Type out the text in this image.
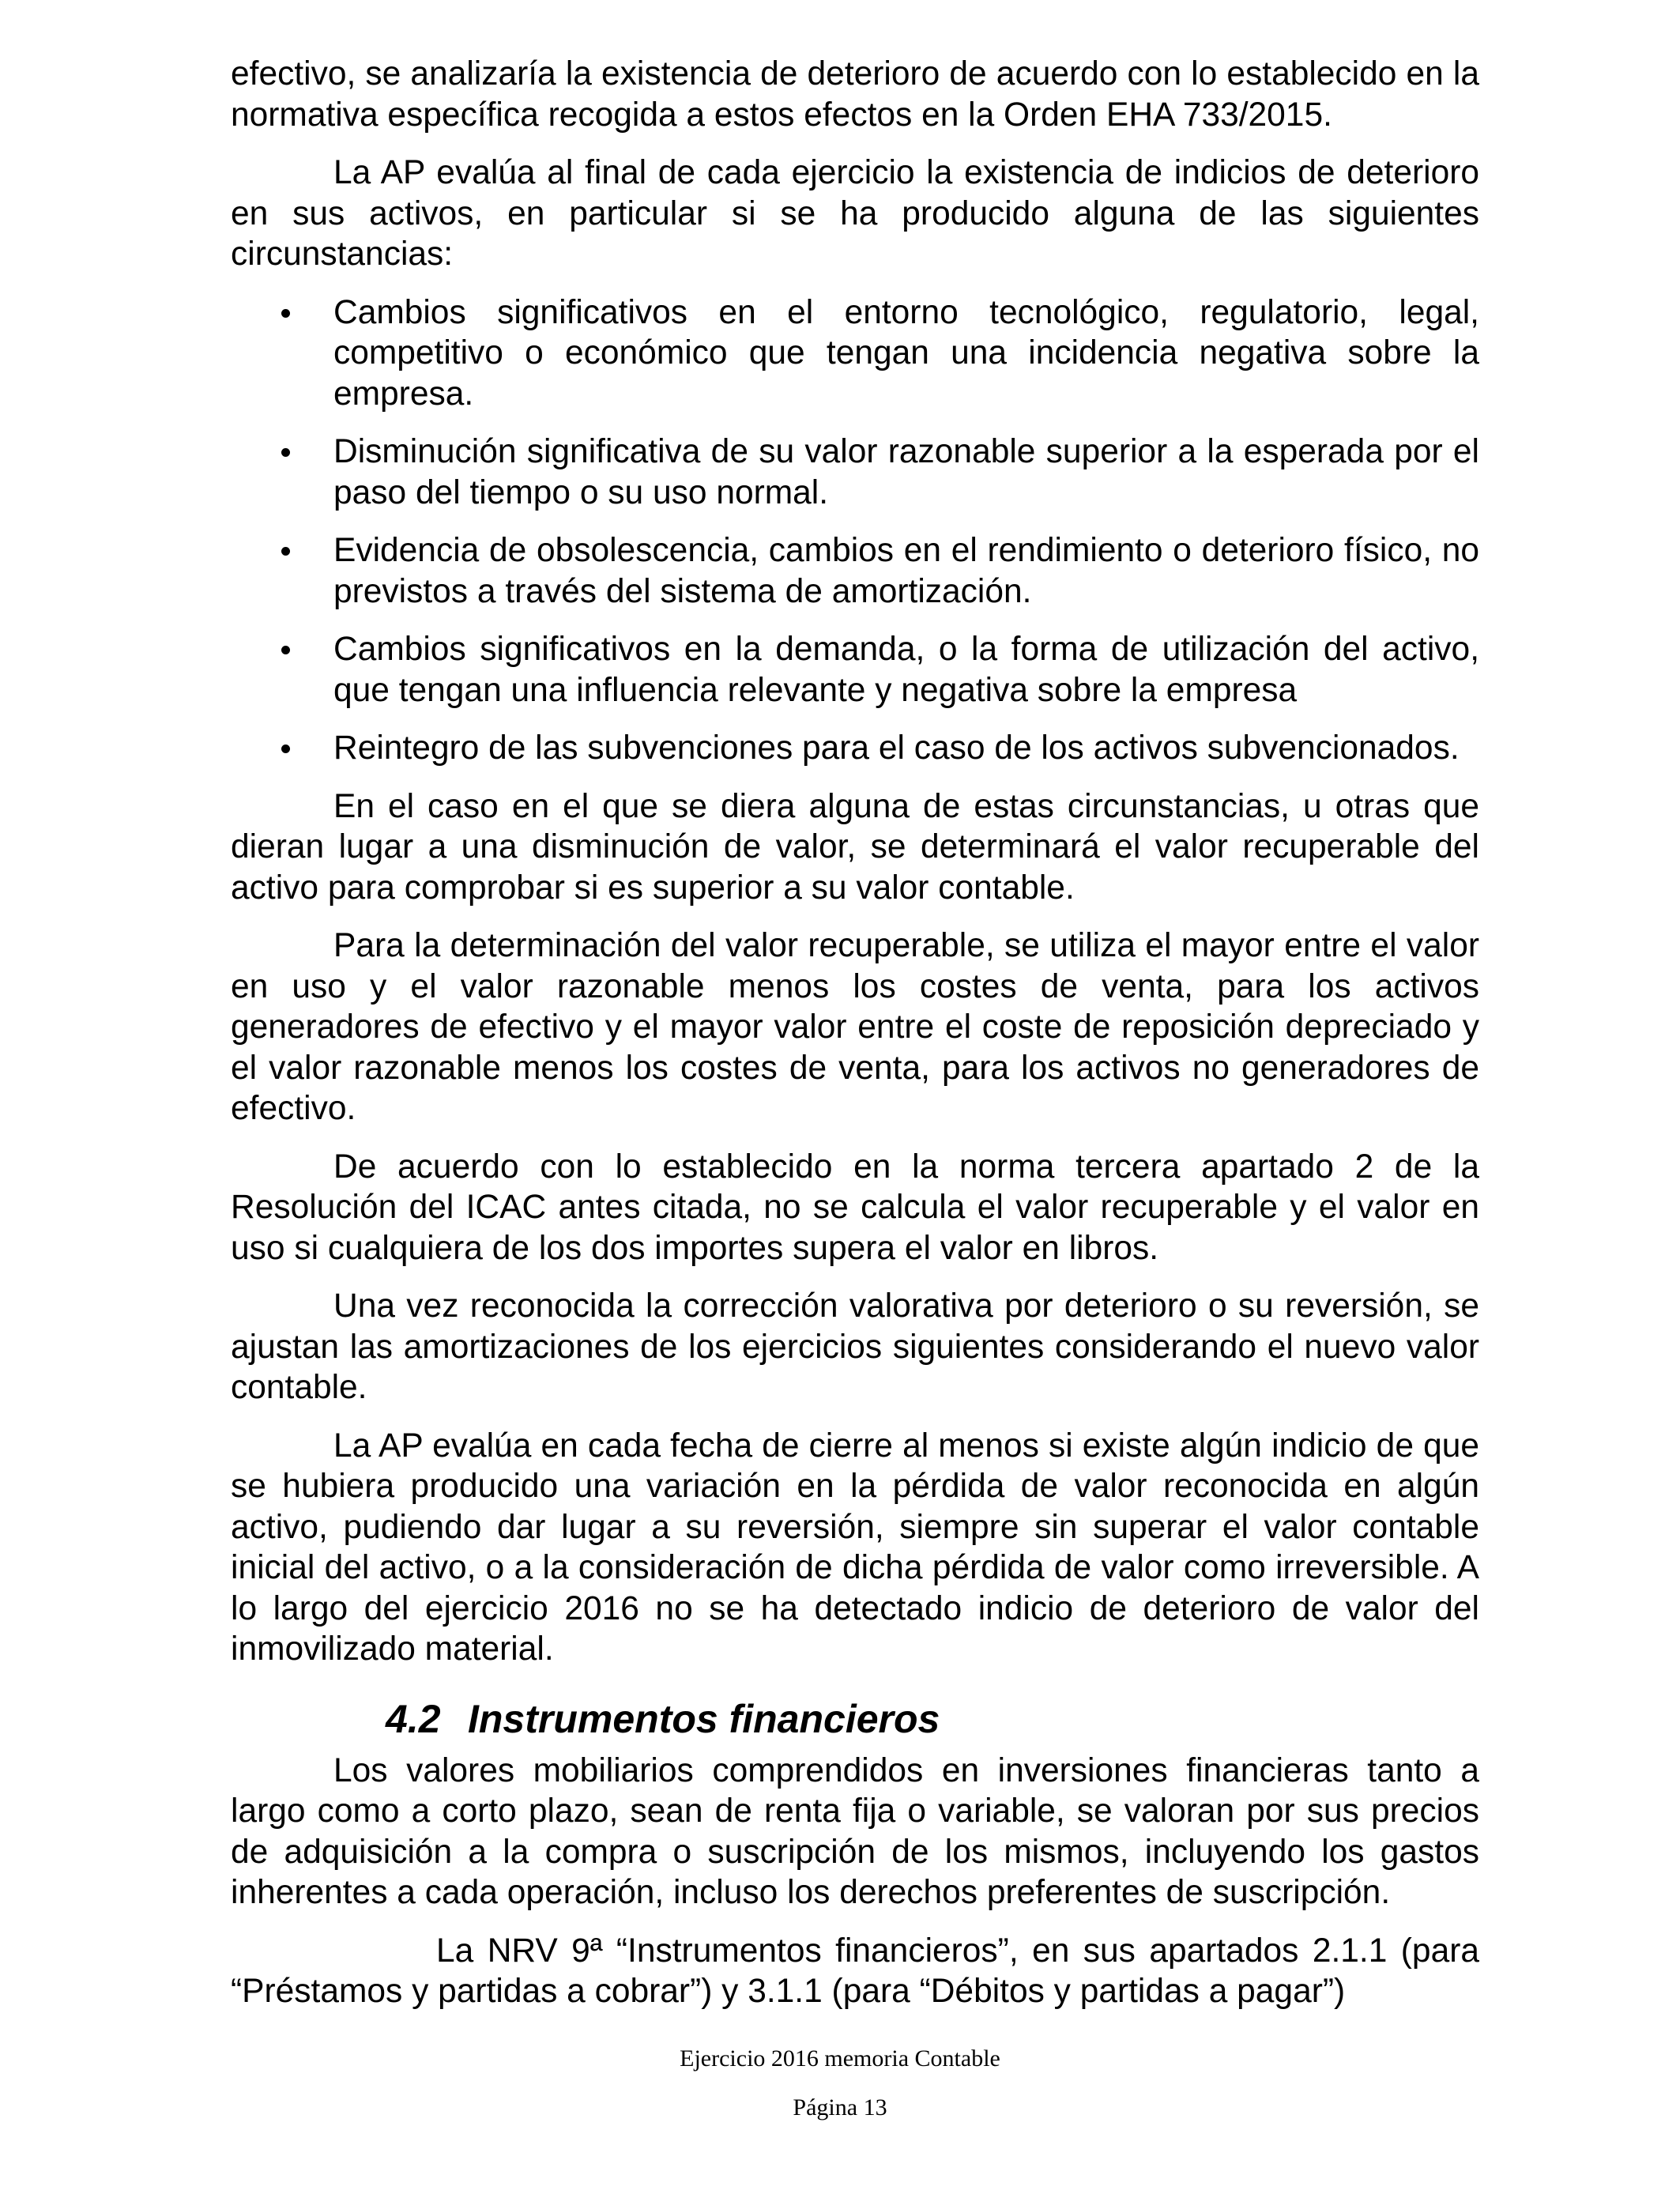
efectivo, se analizaría la existencia de deterioro de acuerdo con lo establecido en la normativa específica recogida a estos efectos en la Orden EHA 733/2015.

La AP evalúa al final de cada ejercicio la existencia de indicios de deterioro en sus activos, en particular si se ha producido alguna de las siguientes circunstancias:

Cambios significativos en el entorno tecnológico, regulatorio, legal, competitivo o económico que tengan una incidencia negativa sobre la empresa.
Disminución significativa de su valor razonable superior a la esperada por el paso del tiempo o su uso normal.
Evidencia de obsolescencia, cambios en el rendimiento o deterioro físico, no previstos a través del sistema de amortización.
Cambios significativos en la demanda, o la forma de utilización del activo, que tengan una influencia relevante y negativa sobre la empresa
Reintegro de las subvenciones para el caso de los activos subvencionados.

En el caso en el que se diera alguna de estas circunstancias, u otras que dieran lugar a una disminución de valor, se determinará el valor recuperable del activo para comprobar si es superior a su valor contable.

Para la determinación del valor recuperable, se utiliza el mayor entre el valor en uso y el valor razonable menos los costes de venta, para los activos generadores de efectivo y el mayor valor entre el coste de reposición depreciado y el valor razonable menos los costes de venta, para los activos no generadores de efectivo.

De acuerdo con lo establecido en la norma tercera apartado 2 de la Resolución del ICAC antes citada, no se calcula el valor recuperable y el valor en uso si cualquiera de los dos importes supera el valor en libros.

Una vez reconocida la corrección valorativa por deterioro o su reversión, se ajustan las amortizaciones de los ejercicios siguientes considerando el nuevo valor contable.

La AP evalúa en cada fecha de cierre al menos si existe algún indicio de que se hubiera producido una variación en la pérdida de valor reconocida en algún activo, pudiendo dar lugar a su reversión, siempre sin superar el valor contable inicial del activo, o a la consideración de dicha pérdida de valor como irreversible. A lo largo del ejercicio 2016 no se ha detectado indicio de deterioro de valor del inmovilizado material.

4.2 Instrumentos financieros

Los valores mobiliarios comprendidos en inversiones financieras tanto a largo como a corto plazo, sean de renta fija o variable, se valoran por sus precios de adquisición a la compra o suscripción de los mismos, incluyendo los gastos inherentes a cada operación, incluso los derechos preferentes de suscripción.

La NRV 9ª “Instrumentos financieros”, en sus apartados 2.1.1 (para “Préstamos y partidas a cobrar”) y 3.1.1 (para “Débitos y partidas a pagar”)

Ejercicio 2016 memoria Contable
Página 13
